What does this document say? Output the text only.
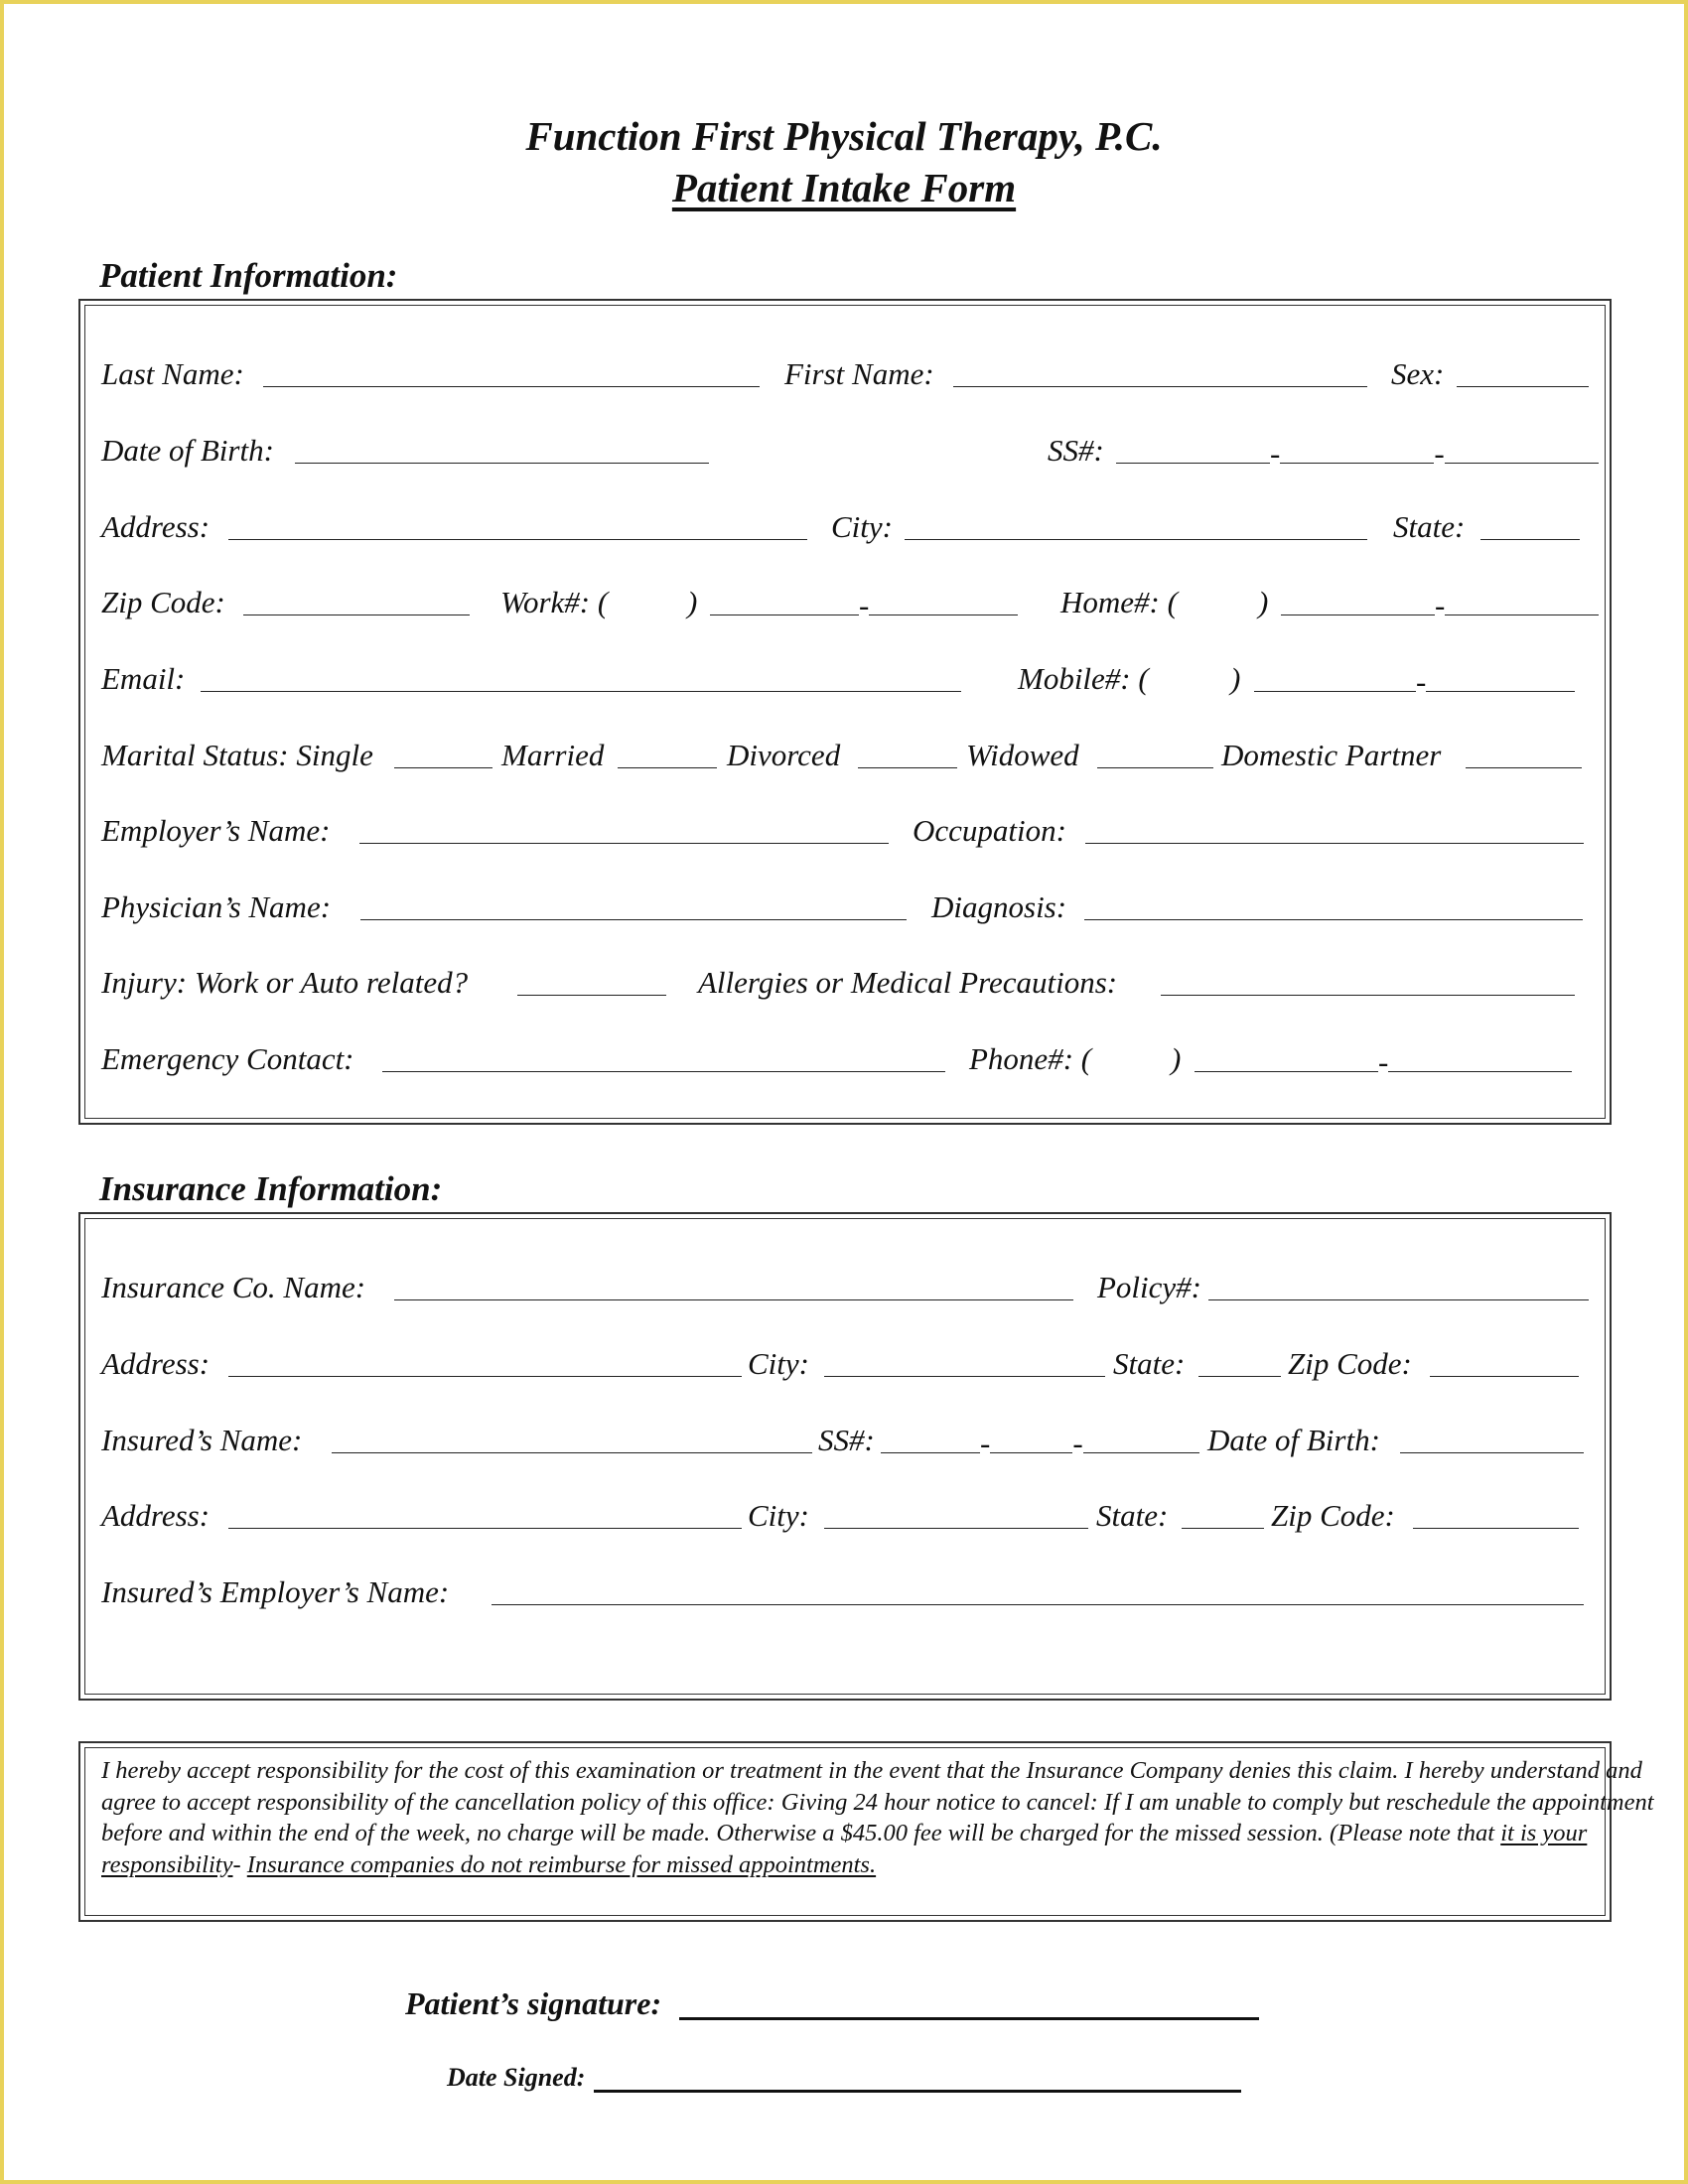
Function First Physical Therapy, P.C.
Patient Intake Form
Patient Information:
Last Name:	First Name:	Sex:
Date of Birth:	SS#:	-	-
Address:	City:	State:
Zip Code:	Work#: (	)	-	Home#: (	)	-
Email:	Mobile#: (	)	-
Marital Status: Single	Married	Divorced	Widowed	Domestic Partner
Employer’s Name:	Occupation:
Physician’s Name:	Diagnosis:
Injury: Work or Auto related?	Allergies or Medical Precautions:
Emergency Contact:	Phone#: (	)	-
Insurance Information:
Insurance Co. Name:	Policy#:
Address:	City:	State:	Zip Code:
Insured’s Name:	SS#:	-	-	Date of Birth:
Address:	City:	State:	Zip Code:
Insured’s Employer’s Name:
I hereby accept responsibility for the cost of this examination or treatment in the event that the Insurance Company denies this claim. I hereby understand and agree to accept responsibility of the cancellation policy of this office: Giving 24 hour notice to cancel: If I am unable to comply but reschedule the appointment before and within the end of the week, no charge will be made. Otherwise a $45.00 fee will be charged for the missed session. (Please note that it is your responsibility- Insurance companies do not reimburse for missed appointments.
Patient’s signature:
Date Signed:
